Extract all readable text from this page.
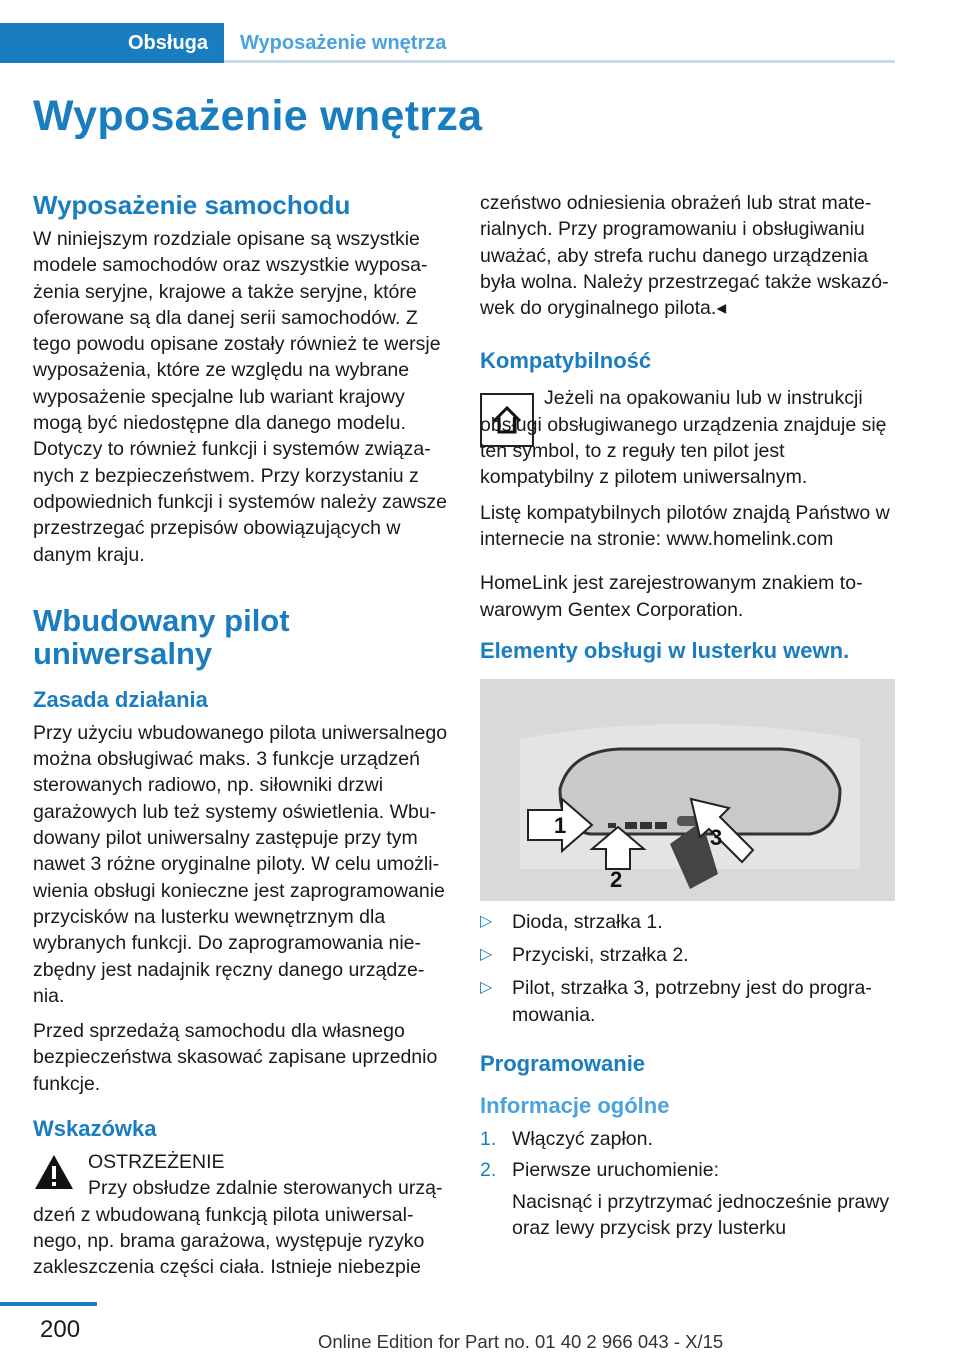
Obsługa	Wyposażenie wnętrza
Wyposażenie wnętrza
Wyposażenie samochodu

W niniejszym rozdziale opisane są wszystkie modele samochodów oraz wszystkie wyposażenia seryjne, krajowe a także seryjne, które oferowane są dla danej serii samochodów. Z tego powodu opisane zostały również te wersje wyposażenia, które ze względu na wybrane wyposażenie specjalne lub wariant krajowy mogą być niedostępne dla danego modelu. Dotyczy to również funkcji i systemów związanych z bezpieczeństwem. Przy korzystaniu z odpowiednich funkcji i systemów należy zawsze przestrzegać przepisów obowiązujących w danym kraju.

Wbudowany pilot uniwersalny
Zasada działania

Przy użyciu wbudowanego pilota uniwersalnego można obsługiwać maks. 3 funkcje urządzeń sterowanych radiowo, np. siłowniki drzwi garażowych lub też systemy oświetlenia. Wbudowany pilot uniwersalny zastępuje przy tym nawet 3 różne oryginalne piloty. W celu umożliwienia obsługi konieczne jest zaprogramowanie przycisków na lusterku wewnętrznym dla wybranych funkcji. Do zaprogramowania niezbędny jest nadajnik ręczny danego urządzenia.

Przed sprzedażą samochodu dla własnego bezpieczeństwa skasować zapisane uprzednio funkcje.

Wskazówka
OSTRZEŻENIE

Przy obsłudze zdalnie sterowanych urządzeń z wbudowaną funkcją pilota uniwersalnego, np. brama garażowa, występuje ryzyko zakleszczenia części ciała. Istnieje niebezpie

czeństwo odniesienia obrażeń lub strat materialnych. Przy programowaniu i obsługiwaniu uważać, aby strefa ruchu danego urządzenia była wolna. Należy przestrzegać także wskazówek do oryginalnego pilota.◂

Kompatybilność

Jeżeli na opakowaniu lub w instrukcji obsługi obsługiwanego urządzenia znajduje się ten symbol, to z reguły ten pilot jest kompatybilny z pilotem uniwersalnym.

Listę kompatybilnych pilotów znajdą Państwo w internecie na stronie: www.homelink.com

HomeLink jest zarejestrowanym znakiem towarowym Gentex Corporation.

Elementy obsługi w lusterku wewn.
1
2
3
▷ Dioda, strzałka 1.
▷ Przyciski, strzałka 2.
▷ Pilot, strzałka 3, potrzebny jest do programowania.
Programowanie
Informacje ogólne
1. Włączyć zapłon.
2. Pierwsze uruchomienie:

Nacisnąć i przytrzymać jednocześnie prawy oraz lewy przycisk przy lusterku

200	Online Edition for Part no. 01 40 2 966 043 - X/15
